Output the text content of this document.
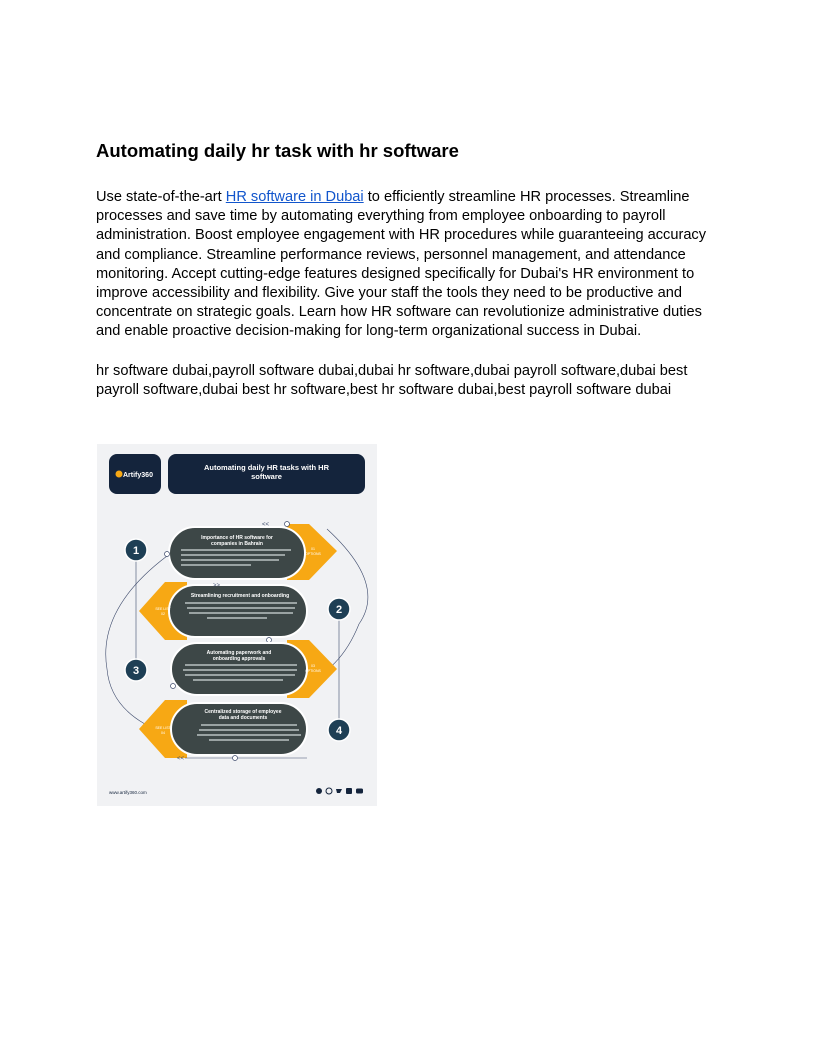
Automating daily hr task with hr software

Use state-of-the-art HR software in Dubai to efficiently streamline HR processes. Streamline processes and save time by automating everything from employee onboarding to payroll administration. Boost employee engagement with HR procedures while guaranteeing accuracy and compliance. Streamline performance reviews, personnel management, and attendance monitoring. Accept cutting-edge features designed specifically for Dubai's HR environment to improve accessibility and flexibility. Give your staff the tools they need to be productive and concentrate on strategic goals. Learn how HR software can revolutionize administrative duties and enable proactive decision-making for long-term organizational success in Dubai.

hr software dubai,payroll software dubai,dubai hr software,dubai payroll software,dubai best payroll software,dubai best hr software,best hr software dubai,best payroll software dubai

Artify360
Automating daily HR tasks with HR
software
Importance of HR software for
companies in Bahrain
01
OPTIONS
1
<<
Streamlining recruitment and onboarding
SEE LIST
02	2
>>
Automating paperwork and
onboarding approvals
03
OPTIONS
3
Centralized storage of employee
data and documents
SEE LIST
04	4
<<
www.artify360.com
